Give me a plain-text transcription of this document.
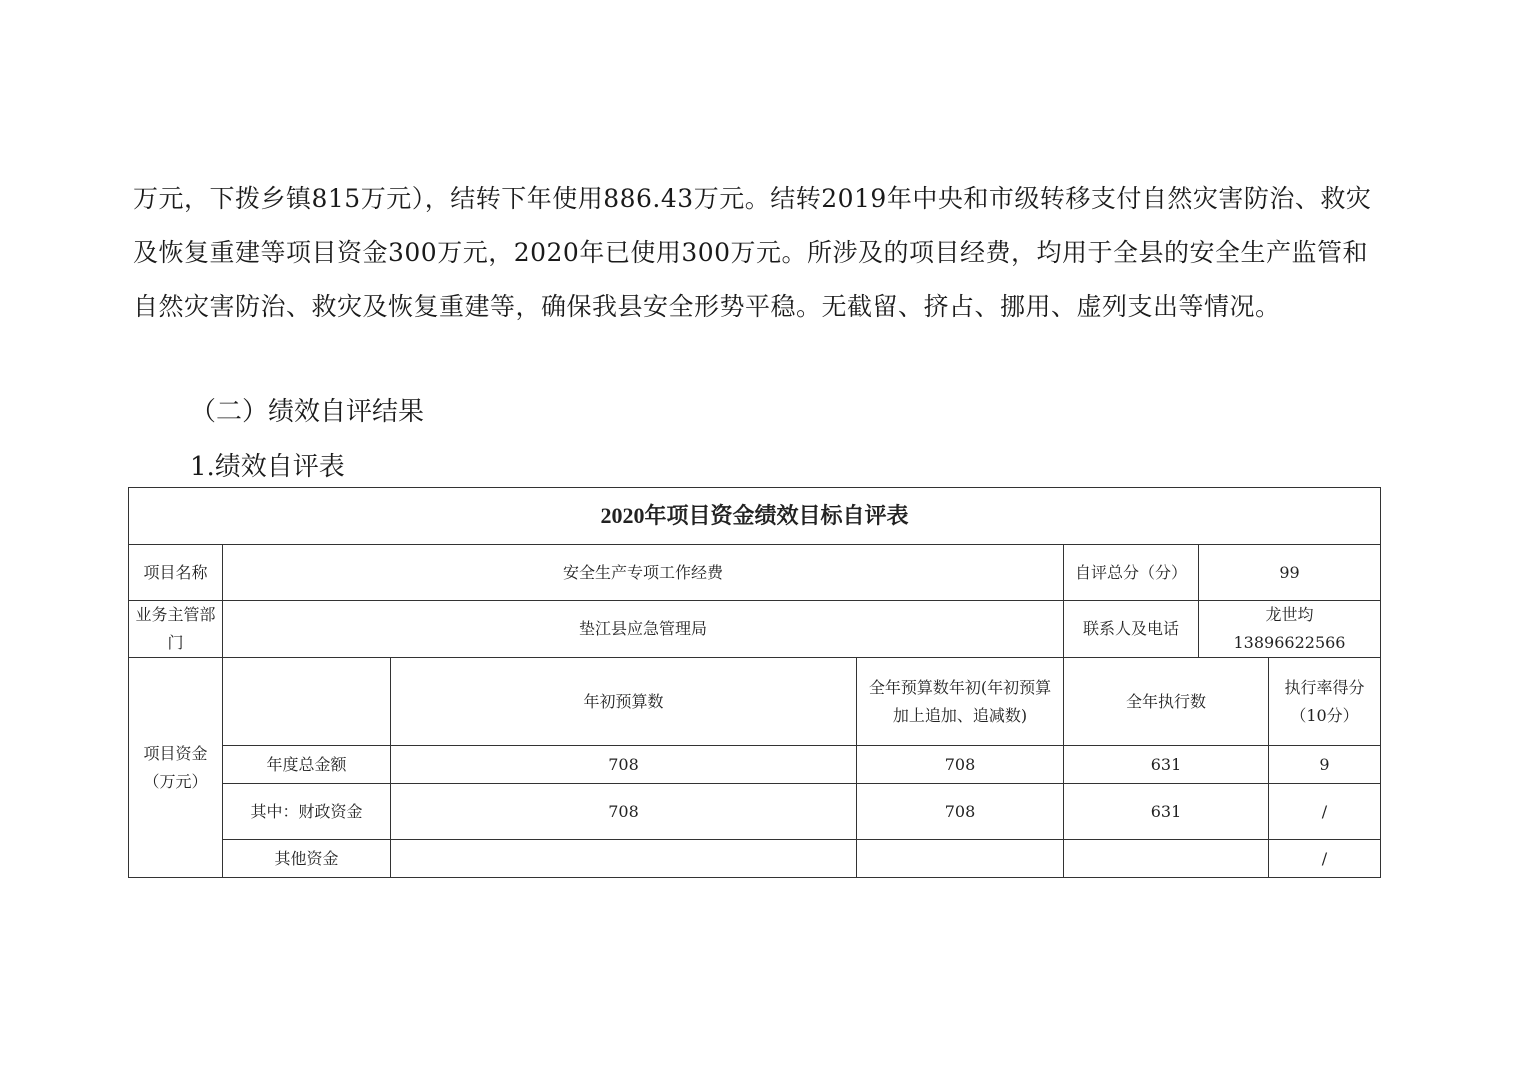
万元，下拨乡镇815万元），结转下年使用886.43万元。结转2019年中央和市级转移支付自然灾害防治、救灾及恢复重建等项目资金300万元，2020年已使用300万元。所涉及的项目经费，均用于全县的安全生产监管和自然灾害防治、救灾及恢复重建等，确保我县安全形势平稳。无截留、挤占、挪用、虚列支出等情况。

（二）绩效自评结果

1.绩效自评表

2020年项目资金绩效目标自评表						
项目名称	安全生产专项工作经费			自评总分（分）	99	
业务主管部门	垫江县应急管理局			联系人及电话	龙世均
13896622566	

项目资金（万元）		年初预算数	全年预算数年初(年初预算加上追加、追减数)	全年执行数		执行率得分（10分）
	年度总金额	708	708	631		9
	其中：财政资金	708	708	631		/
	其他资金					/
